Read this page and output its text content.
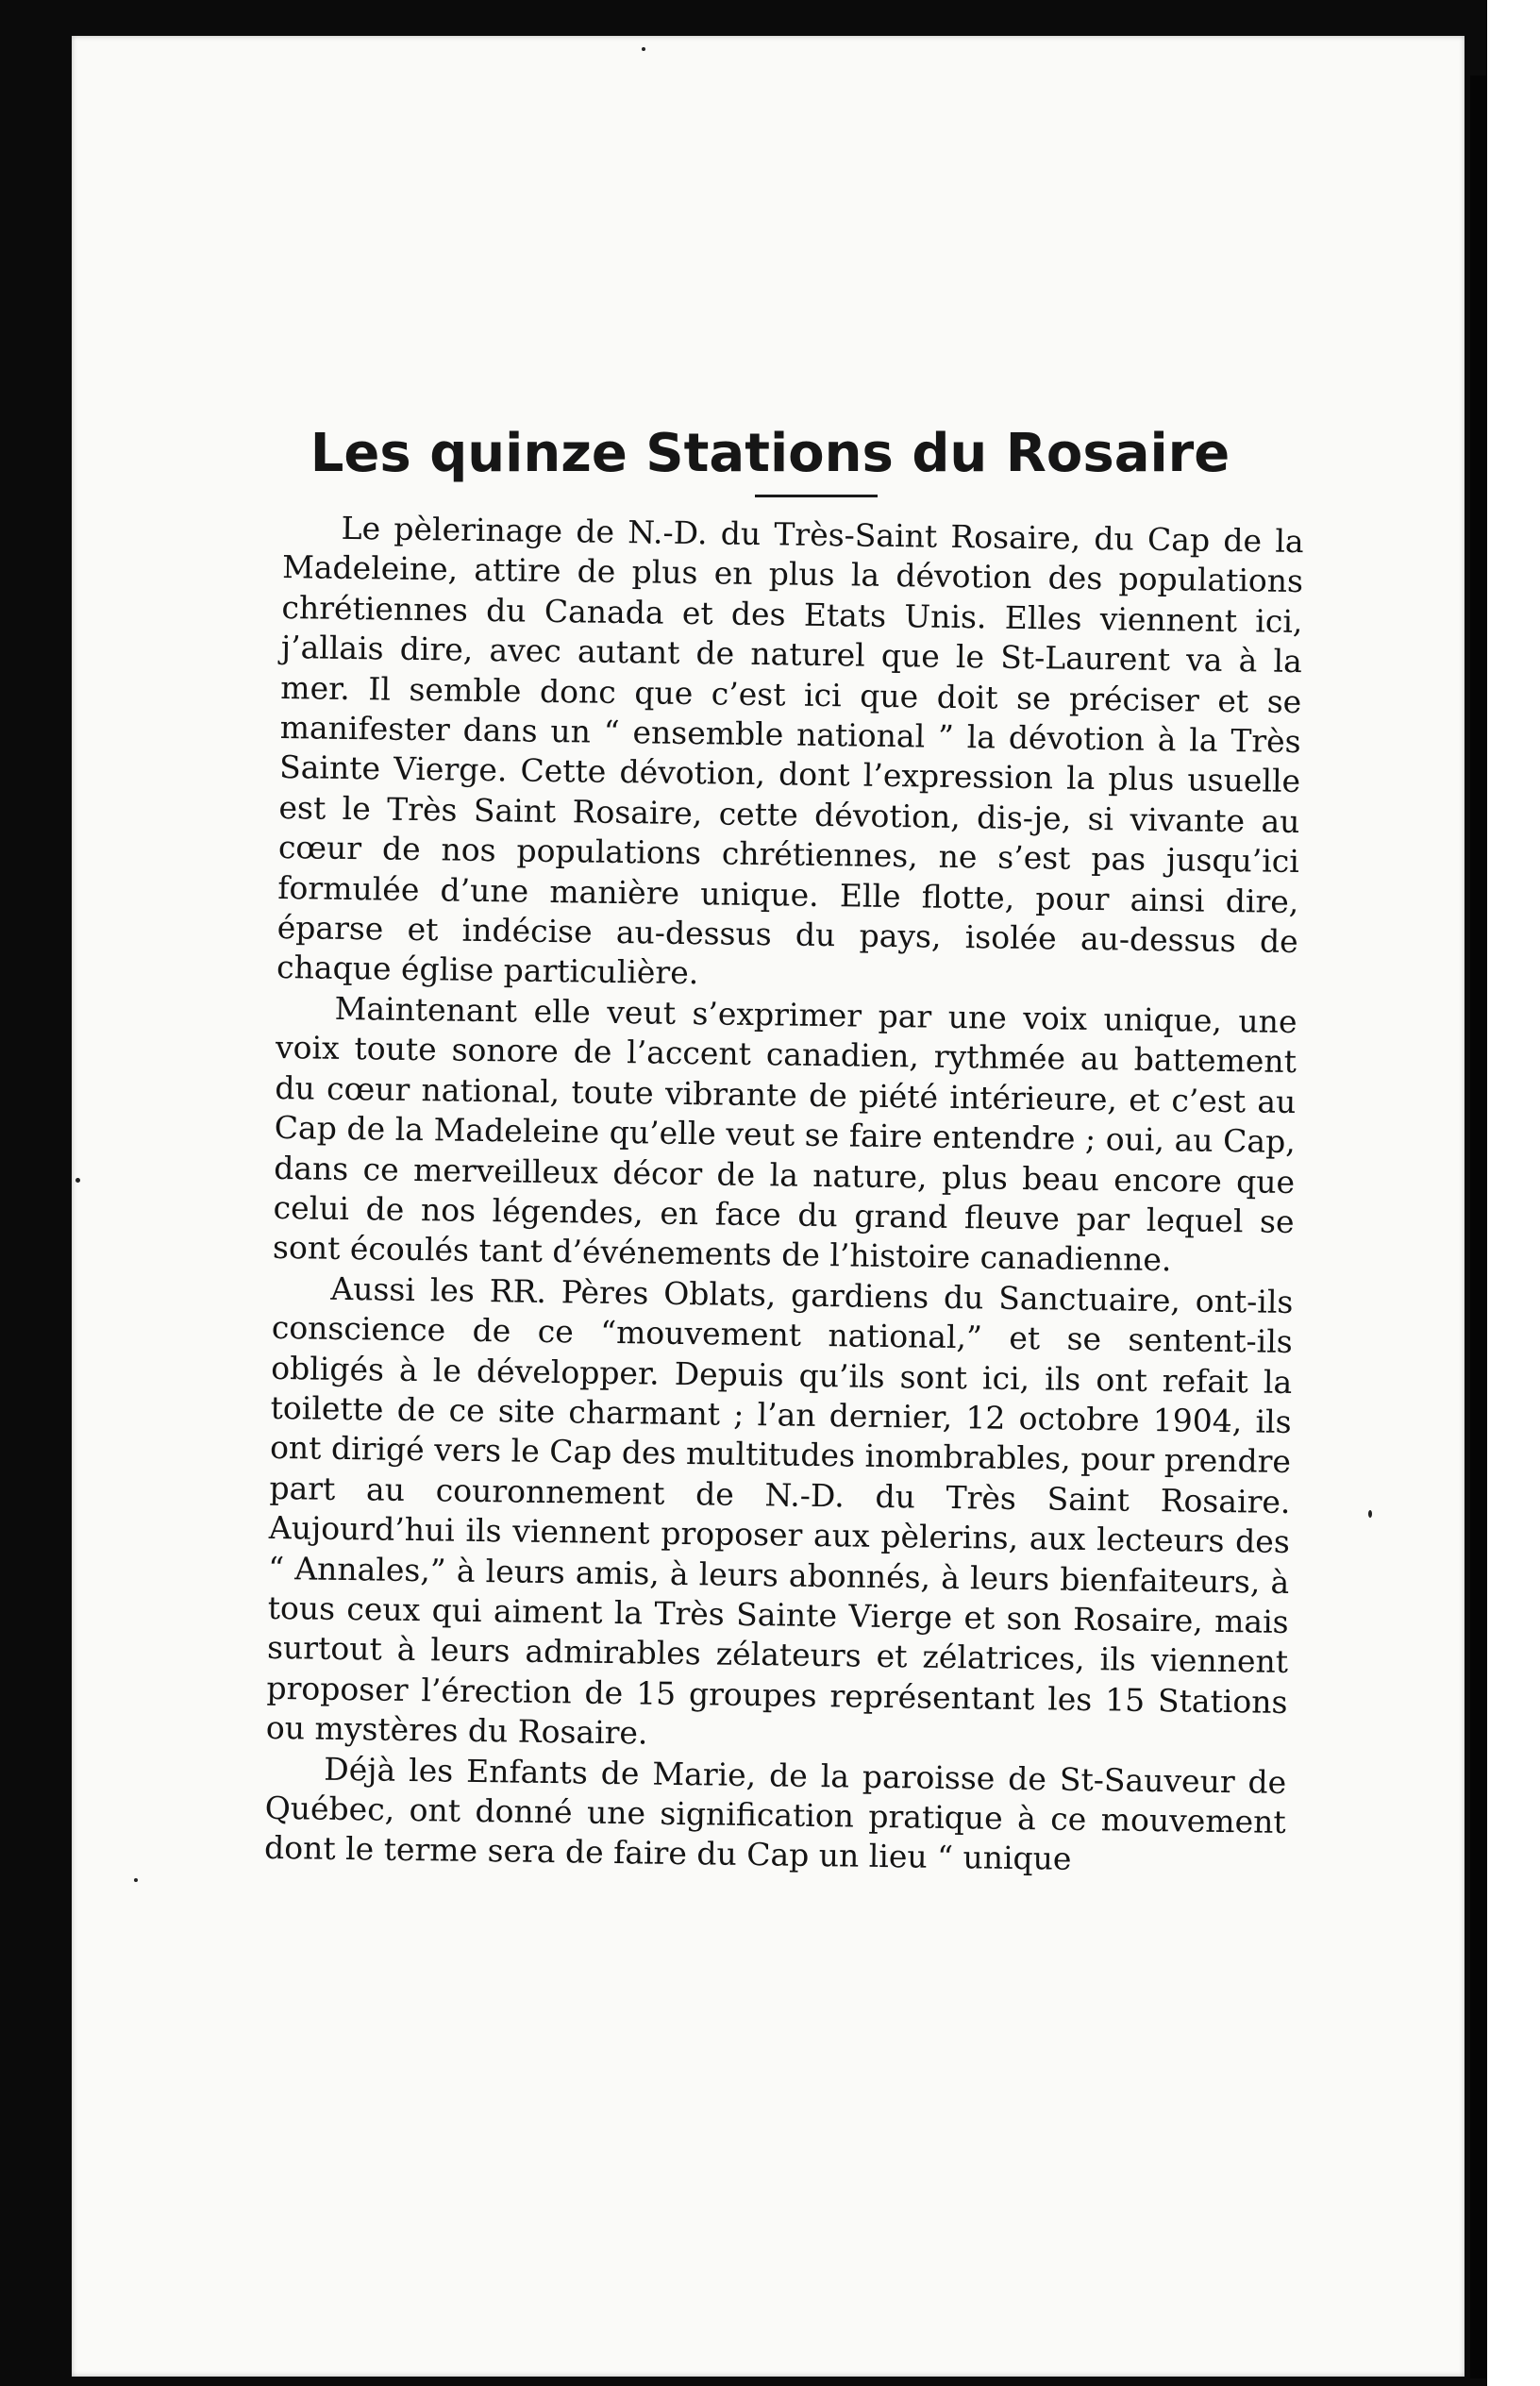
Les quinze Stations du Rosaire

Le pèlerinage de N.-D. du Très-Saint Rosaire, du Cap de la Madeleine, attire de plus en plus la dévotion des populations chrétiennes du Canada et des Etats Unis. Elles viennent ici, j’allais dire, avec autant de naturel que le St-Laurent va à la mer. Il semble donc que c’est ici que doit se préciser et se manifester dans un “ ensemble national ” la dévotion à la Très Sainte Vierge. Cette dévotion, dont l’expression la plus usuelle est le Très Saint Rosaire, cette dévotion, dis-je, si vivante au cœur de nos populations chrétiennes, ne s’est pas jusqu’ici formulée d’une manière unique. Elle flotte, pour ainsi dire, éparse et indécise au-dessus du pays, isolée au-dessus de chaque église particulière.

Maintenant elle veut s’exprimer par une voix unique, une voix toute sonore de l’accent canadien, rythmée au battement du cœur national, toute vibrante de piété intérieure, et c’est au Cap de la Madeleine qu’elle veut se faire entendre ; oui, au Cap, dans ce merveilleux décor de la nature, plus beau encore que celui de nos légendes, en face du grand fleuve par lequel se sont écoulés tant d’événements de l’histoire canadienne.

Aussi les RR. Pères Oblats, gardiens du Sanctuaire, ont-ils conscience de ce “mouvement national,” et se sentent-ils obligés à le développer. Depuis qu’ils sont ici, ils ont refait la toilette de ce site charmant ; l’an dernier, 12 octobre 1904, ils ont dirigé vers le Cap des multitudes inombrables, pour prendre part au couronnement de N.-D. du Très Saint Rosaire. Aujourd’hui ils viennent proposer aux pèlerins, aux lecteurs des “ Annales,” à leurs amis, à leurs abonnés, à leurs bienfaiteurs, à tous ceux qui aiment la Très Sainte Vierge et son Rosaire, mais surtout à leurs admirables zélateurs et zélatrices, ils viennent proposer l’érection de 15 groupes représentant les 15 Stations ou mystères du Rosaire.

Déjà les Enfants de Marie, de la paroisse de St-Sauveur de Québec, ont donné une signification pratique à ce mouvement dont le terme sera de faire du Cap un lieu “ unique
